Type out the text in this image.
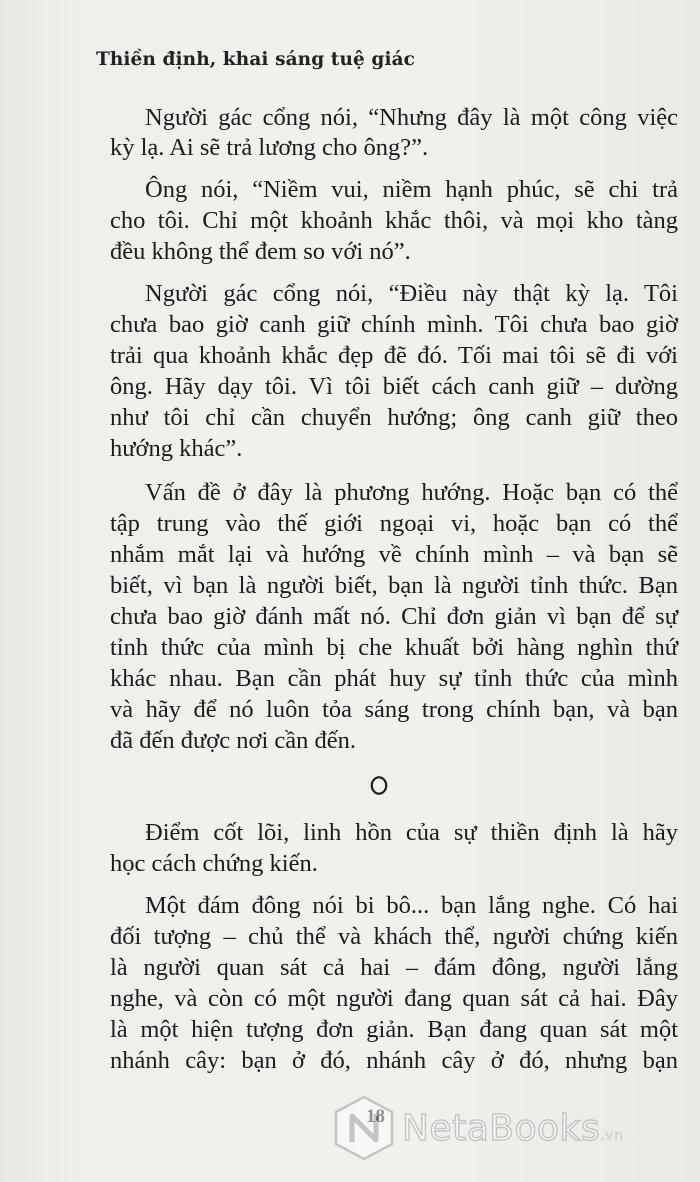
Thiền định, khai sáng tuệ giác
Người gác cổng nói, “Nhưng đây là một công việc
kỳ lạ. Ai sẽ trả lương cho ông?”.
Ông nói, “Niềm vui, niềm hạnh phúc, sẽ chi trả
cho tôi. Chỉ một khoảnh khắc thôi, và mọi kho tàng
đều không thể đem so với nó”.
Người gác cổng nói, “Điều này thật kỳ lạ. Tôi
chưa bao giờ canh giữ chính mình. Tôi chưa bao giờ
trải qua khoảnh khắc đẹp đẽ đó. Tối mai tôi sẽ đi với
ông. Hãy dạy tôi. Vì tôi biết cách canh giữ – dường
như tôi chỉ cần chuyển hướng; ông canh giữ theo
hướng khác”.
Vấn đề ở đây là phương hướng. Hoặc bạn có thể
tập trung vào thế giới ngoại vi, hoặc bạn có thể
nhắm mắt lại và hướng về chính mình – và bạn sẽ
biết, vì bạn là người biết, bạn là người tỉnh thức. Bạn
chưa bao giờ đánh mất nó. Chỉ đơn giản vì bạn để sự
tỉnh thức của mình bị che khuất bởi hàng nghìn thứ
khác nhau. Bạn cần phát huy sự tỉnh thức của mình
và hãy để nó luôn tỏa sáng trong chính bạn, và bạn
đã đến được nơi cần đến.
Điểm cốt lõi, linh hồn của sự thiền định là hãy
học cách chứng kiến.
Một đám đông nói bi bô... bạn lắng nghe. Có hai
đối tượng – chủ thể và khách thể, người chứng kiến
là người quan sát cả hai – đám đông, người lắng
nghe, và còn có một người đang quan sát cả hai. Đây
là một hiện tượng đơn giản. Bạn đang quan sát một
nhánh cây: bạn ở đó, nhánh cây ở đó, nhưng bạn
NetaBooks.vn
